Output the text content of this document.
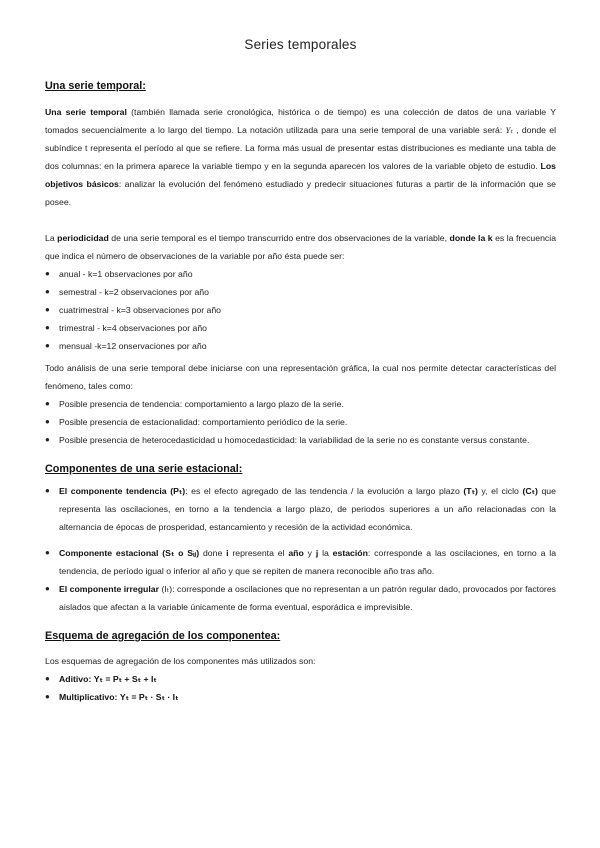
Series temporales
Una serie temporal:

Una serie temporal (también llamada serie cronológica, histórica o de tiempo) es una colección de datos de una variable Y tomados secuencialmente a lo largo del tiempo. La notación utilizada para una serie temporal de una variable será: Yₜ , donde el subíndice t representa el período al que se refiere. La forma más usual de presentar estas distribuciones es mediante una tabla de dos columnas: en la primera aparece la variable tiempo y en la segunda aparecen los valores de la variable objeto de estudio. Los objetivos básicos: analizar la evolución del fenómeno estudiado y predecir situaciones futuras a partir de la información que se posee.

La periodicidad de una serie temporal es el tiempo transcurrido entre dos observaciones de la variable, donde la k es la frecuencia que indica el número de observaciones de la variable por año ésta puede ser:

● anual - k=1 observaciones por año
● semestral - k=2 observaciones por año
● cuatrimestral - k=3 observaciones por año
● trimestral - k=4 observaciones por año
● mensual -k=12 onservaciones por año

Todo análisis de una serie temporal debe iniciarse con una representación gráfica, la cual nos permite detectar características del fenómeno, tales como:

● Posible presencia de tendencia: comportamiento a largo plazo de la serie.
● Posible presencia de estacionalidad: comportamiento periódico de la serie.
● Posible presencia de heterocedasticidad u homocedasticidad: la variabilidad de la serie no es constante versus constante.
Componentes de una serie estacional:
● El componente tendencia (Pₜ): es el efecto agregado de las tendencia / la evolución a largo plazo (Tₜ) y, el ciclo (Cₜ) que representa las oscilaciones, en torno a la tendencia a largo plazo, de periodos superiores a un año relacionadas con la alternancia de épocas de prosperidad, estancamiento y recesión de la actividad económica.
● Componente estacional (Sₜ o Sᵢⱼ) done i representa el año y j la estación: corresponde a las oscilaciones, en torno a la tendencia, de período igual o inferior al año y que se repiten de manera reconocible año tras año.
● El componente irregular (Iₜ): corresponde a oscilaciones que no representan a un patrón regular dado, provocados por factores aislados que afectan a la variable únicamente de forma eventual, esporádica e imprevisible.
Esquema de agregación de los componentea:

Los esquemas de agregación de los componentes más utilizados son:

● Aditivo: Yₜ = Pₜ + Sₜ + Iₜ
● Multiplicativo: Yₜ = Pₜ · Sₜ · Iₜ
